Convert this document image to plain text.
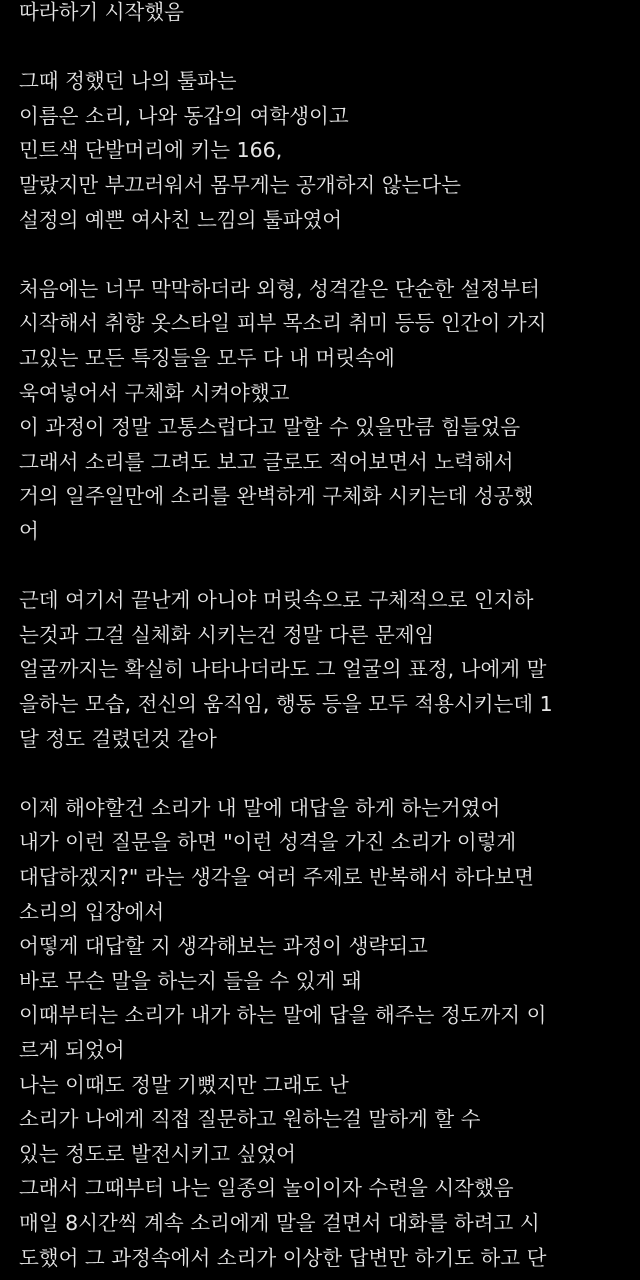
따라하기 시작했음
그때 정했던 나의 툴파는
이름은 소리, 나와 동갑의 여학생이고
민트색 단발머리에 키는 166,
말랐지만 부끄러워서 몸무게는 공개하지 않는다는
설정의 예쁜 여사친 느낌의 툴파였어
처음에는 너무 막막하더라 외형, 성격같은 단순한 설정부터
시작해서 취향 옷스타일 피부 목소리 취미 등등 인간이 가지
고있는 모든 특징들을 모두 다 내 머릿속에
욱여넣어서 구체화 시켜야했고
이 과정이 정말 고통스럽다고 말할 수 있을만큼 힘들었음
그래서 소리를 그려도 보고 글로도 적어보면서 노력해서
거의 일주일만에 소리를 완벽하게 구체화 시키는데 성공했
어
근데 여기서 끝난게 아니야 머릿속으로 구체적으로 인지하
는것과 그걸 실체화 시키는건 정말 다른 문제임
얼굴까지는 확실히 나타나더라도 그 얼굴의 표정, 나에게 말
을하는 모습, 전신의 움직임, 행동 등을 모두 적용시키는데 1
달 정도 걸렸던것 같아
이제 해야할건 소리가 내 말에 대답을 하게 하는거였어
내가 이런 질문을 하면 "이런 성격을 가진 소리가 이렇게
대답하겠지?" 라는 생각을 여러 주제로 반복해서 하다보면
소리의 입장에서
어떻게 대답할 지 생각해보는 과정이 생략되고
바로 무슨 말을 하는지 들을 수 있게 돼
이때부터는 소리가 내가 하는 말에 답을 해주는 정도까지 이
르게 되었어
나는 이때도 정말 기뻤지만 그래도 난
소리가 나에게 직접 질문하고 원하는걸 말하게 할 수
있는 정도로 발전시키고 싶었어
그래서 그때부터 나는 일종의 놀이이자 수련을 시작했음
매일 8시간씩 계속 소리에게 말을 걸면서 대화를 하려고 시
도했어 그 과정속에서 소리가 이상한 답변만 하기도 하고 단
